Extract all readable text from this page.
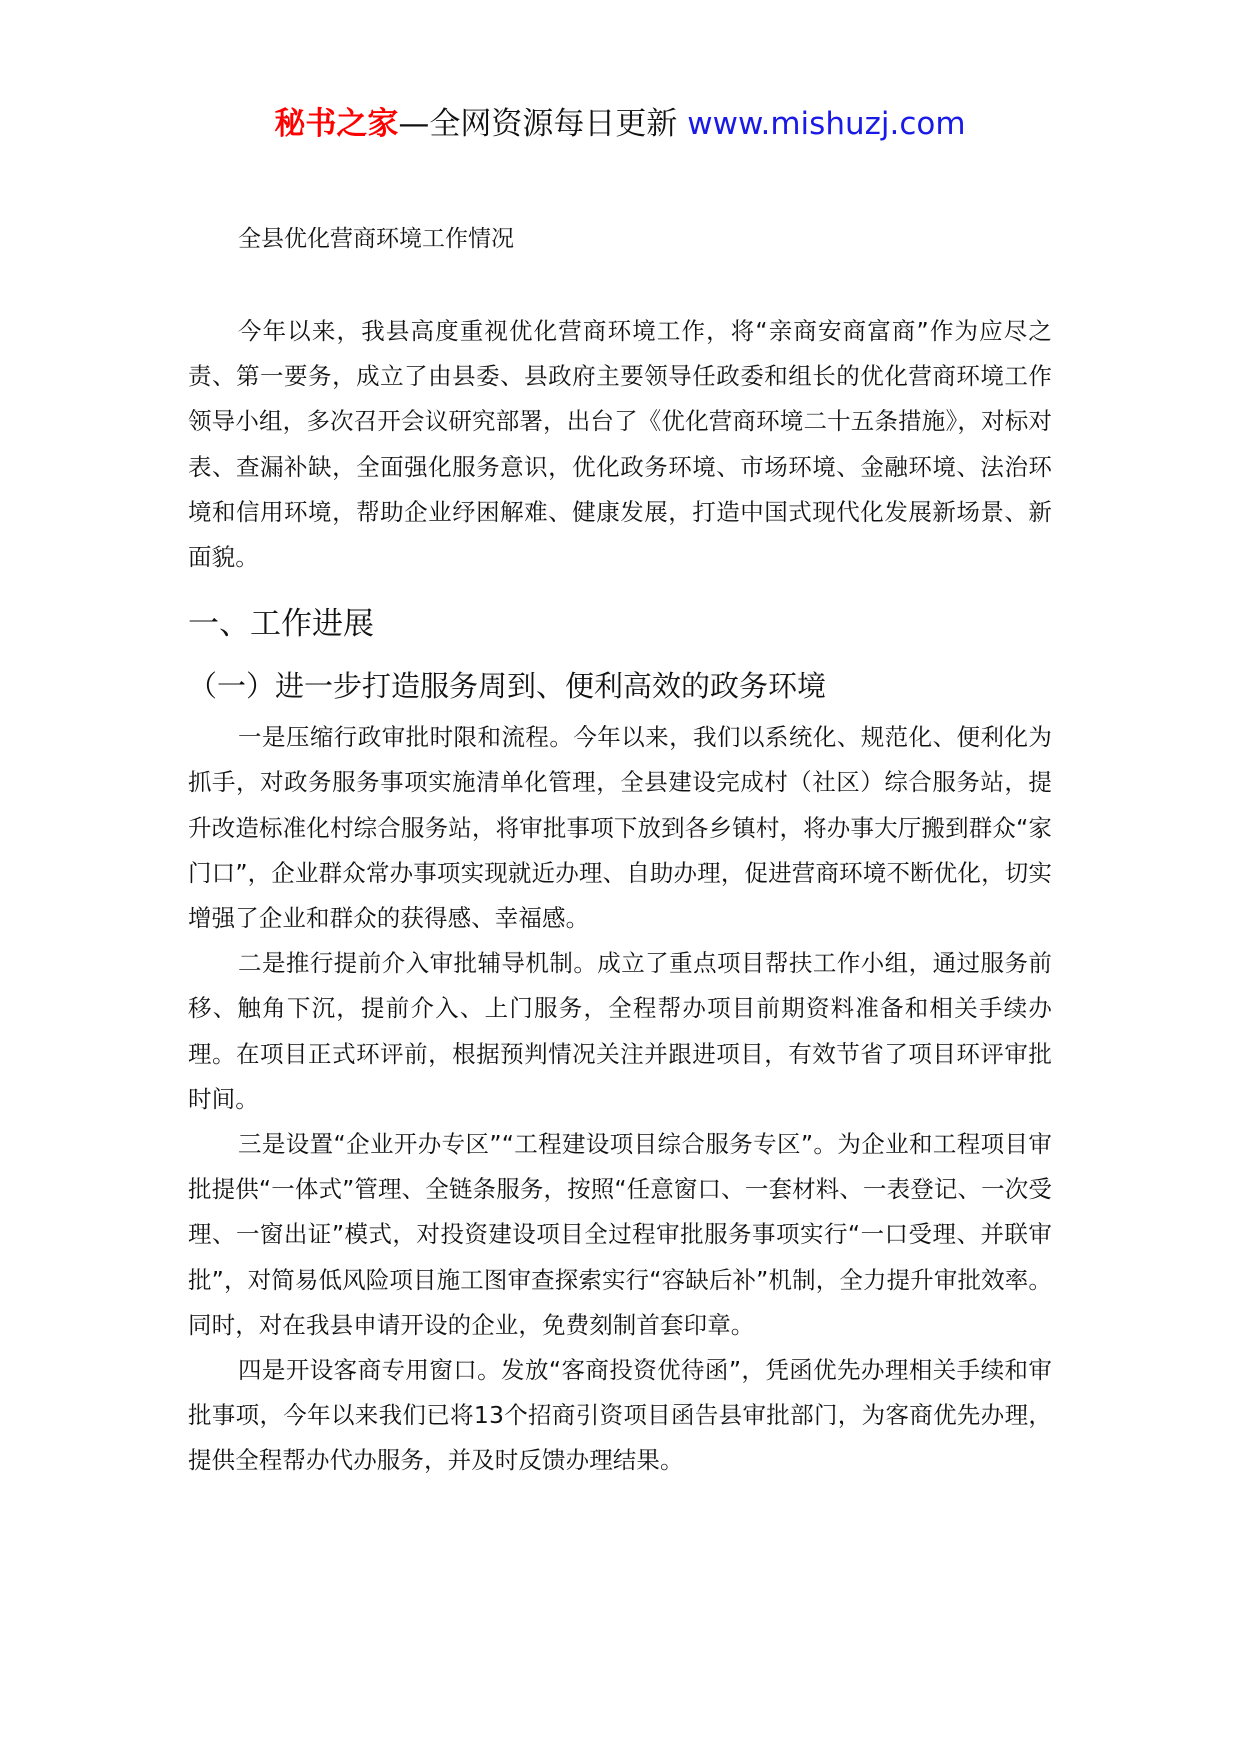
秘书之家—全网资源每日更新 www.mishuzj.com
全县优化营商环境工作情况

今年以来，我县高度重视优化营商环境工作，将“亲商安商富商”作为应尽之责、第一要务，成立了由县委、县政府主要领导任政委和组长的优化营商环境工作领导小组，多次召开会议研究部署，出台了《优化营商环境二十五条措施》，对标对表、查漏补缺，全面强化服务意识，优化政务环境、市场环境、金融环境、法治环境和信用环境，帮助企业纾困解难、健康发展，打造中国式现代化发展新场景、新面貌。

一、工作进展
（一）进一步打造服务周到、便利高效的政务环境

一是压缩行政审批时限和流程。今年以来，我们以系统化、规范化、便利化为抓手，对政务服务事项实施清单化管理，全县建设完成村（社区）综合服务站，提升改造标准化村综合服务站，将审批事项下放到各乡镇村，将办事大厅搬到群众“家门口”，企业群众常办事项实现就近办理、自助办理，促进营商环境不断优化，切实增强了企业和群众的获得感、幸福感。

二是推行提前介入审批辅导机制。成立了重点项目帮扶工作小组，通过服务前移、触角下沉，提前介入、上门服务，全程帮办项目前期资料准备和相关手续办理。在项目正式环评前，根据预判情况关注并跟进项目，有效节省了项目环评审批时间。

三是设置“企业开办专区”“工程建设项目综合服务专区”。为企业和工程项目审批提供“一体式”管理、全链条服务，按照“任意窗口、一套材料、一表登记、一次受理、一窗出证”模式，对投资建设项目全过程审批服务事项实行“一口受理、并联审批”，对简易低风险项目施工图审查探索实行“容缺后补”机制，全力提升审批效率。同时，对在我县申请开设的企业，免费刻制首套印章。

四是开设客商专用窗口。发放“客商投资优待函”，凭函优先办理相关手续和审批事项，今年以来我们已将13个招商引资项目函告县审批部门，为客商优先办理，提供全程帮办代办服务，并及时反馈办理结果。
